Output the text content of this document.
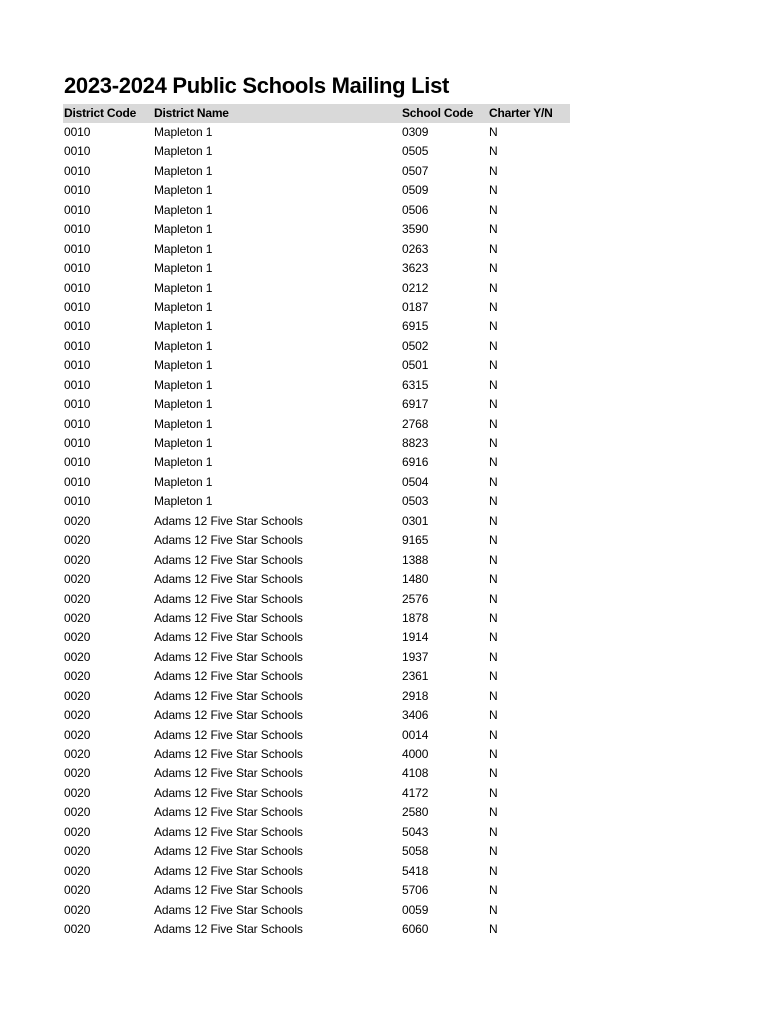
2023-2024 Public Schools Mailing List
District Code	District Name	School Code	Charter Y/N
0010	Mapleton 1	0309	N
0010	Mapleton 1	0505	N
0010	Mapleton 1	0507	N
0010	Mapleton 1	0509	N
0010	Mapleton 1	0506	N
0010	Mapleton 1	3590	N
0010	Mapleton 1	0263	N
0010	Mapleton 1	3623	N
0010	Mapleton 1	0212	N
0010	Mapleton 1	0187	N
0010	Mapleton 1	6915	N
0010	Mapleton 1	0502	N
0010	Mapleton 1	0501	N
0010	Mapleton 1	6315	N
0010	Mapleton 1	6917	N
0010	Mapleton 1	2768	N
0010	Mapleton 1	8823	N
0010	Mapleton 1	6916	N
0010	Mapleton 1	0504	N
0010	Mapleton 1	0503	N
0020	Adams 12 Five Star Schools	0301	N
0020	Adams 12 Five Star Schools	9165	N
0020	Adams 12 Five Star Schools	1388	N
0020	Adams 12 Five Star Schools	1480	N
0020	Adams 12 Five Star Schools	2576	N
0020	Adams 12 Five Star Schools	1878	N
0020	Adams 12 Five Star Schools	1914	N
0020	Adams 12 Five Star Schools	1937	N
0020	Adams 12 Five Star Schools	2361	N
0020	Adams 12 Five Star Schools	2918	N
0020	Adams 12 Five Star Schools	3406	N
0020	Adams 12 Five Star Schools	0014	N
0020	Adams 12 Five Star Schools	4000	N
0020	Adams 12 Five Star Schools	4108	N
0020	Adams 12 Five Star Schools	4172	N
0020	Adams 12 Five Star Schools	2580	N
0020	Adams 12 Five Star Schools	5043	N
0020	Adams 12 Five Star Schools	5058	N
0020	Adams 12 Five Star Schools	5418	N
0020	Adams 12 Five Star Schools	5706	N
0020	Adams 12 Five Star Schools	0059	N
0020	Adams 12 Five Star Schools	6060	N
